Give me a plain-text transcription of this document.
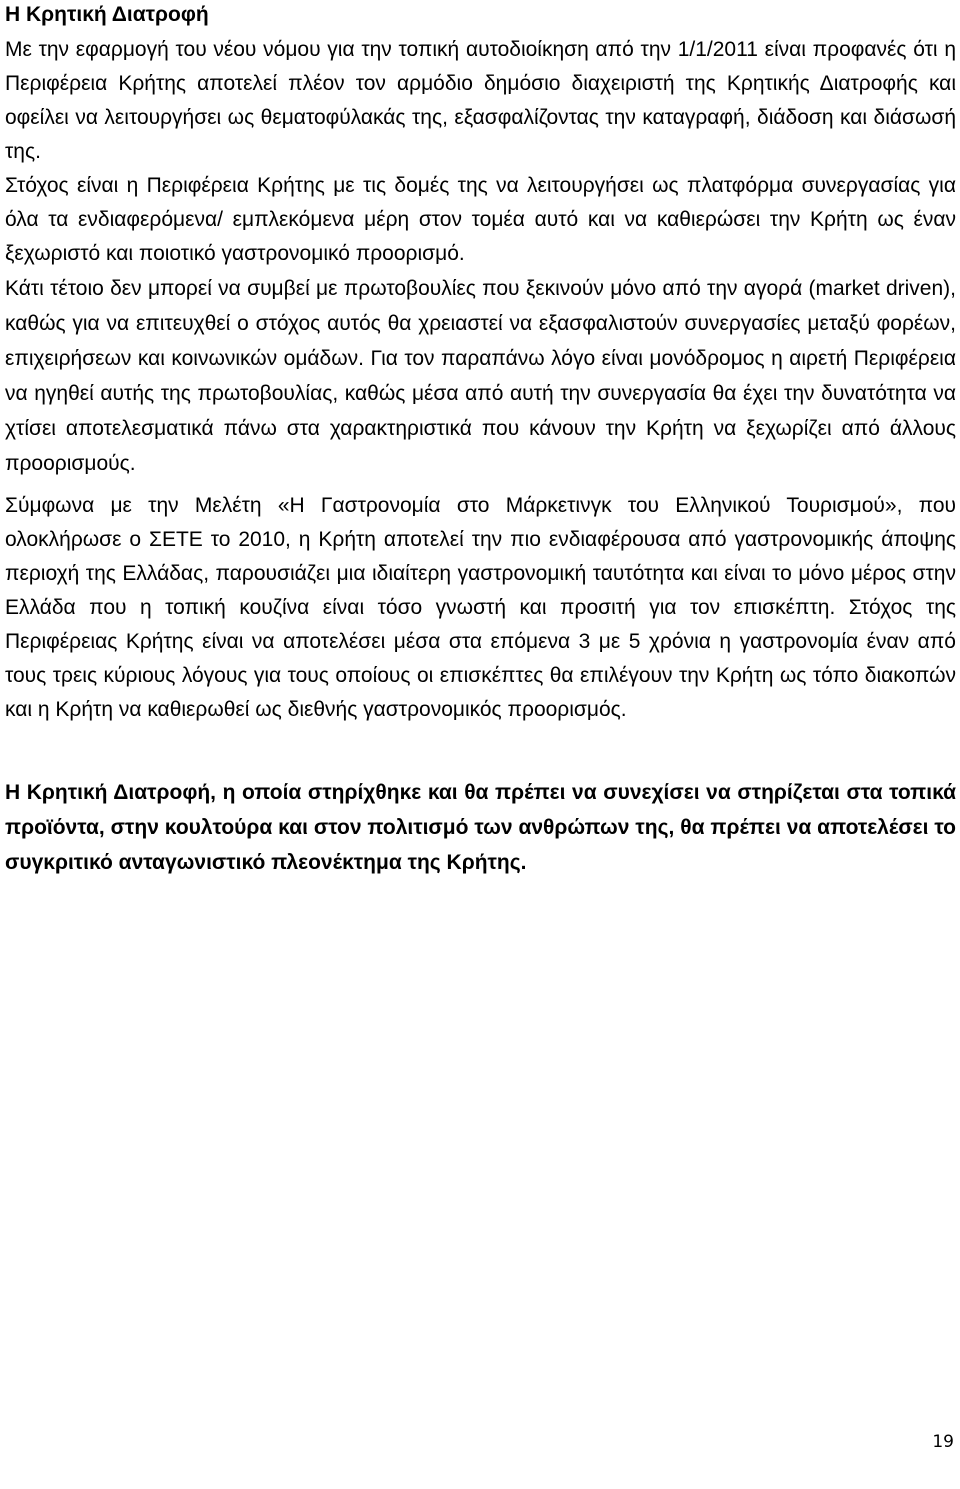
Η Κρητική Διατροφή

Με την εφαρμογή του νέου νόμου για την τοπική αυτοδιοίκηση από την 1/1/2011 είναι προφανές ότι η Περιφέρεια Κρήτης αποτελεί πλέον τον αρμόδιο δημόσιο διαχειριστή της Κρητικής Διατροφής και οφείλει να λειτουργήσει ως θεματοφύλακάς της, εξασφαλίζοντας την καταγραφή, διάδοση και διάσωσή της.

Στόχος είναι η Περιφέρεια Κρήτης με τις δομές της να λειτουργήσει ως πλατφόρμα συνεργασίας για όλα τα ενδιαφερόμενα/ εμπλεκόμενα μέρη στον τομέα αυτό και να καθιερώσει την Κρήτη ως έναν ξεχωριστό και ποιοτικό γαστρονομικό προορισμό.

Κάτι τέτοιο δεν μπορεί να συμβεί με πρωτοβουλίες που ξεκινούν μόνο από την αγορά (market driven), καθώς για να επιτευχθεί ο στόχος αυτός θα χρειαστεί να εξασφαλιστούν συνεργασίες μεταξύ φορέων, επιχειρήσεων και κοινωνικών ομάδων. Για τον παραπάνω λόγο είναι μονόδρομος η αιρετή Περιφέρεια να ηγηθεί αυτής της πρωτοβουλίας, καθώς μέσα από αυτή την συνεργασία θα έχει την δυνατότητα να χτίσει αποτελεσματικά πάνω στα χαρακτηριστικά που κάνουν την Κρήτη να ξεχωρίζει από άλλους προορισμούς.

Σύμφωνα με την Μελέτη «Η Γαστρονομία στο Μάρκετινγκ του Ελληνικού Τουρισμού», που ολοκλήρωσε ο ΣΕΤΕ το 2010, η Κρήτη αποτελεί την πιο ενδιαφέρουσα από γαστρονομικής άποψης περιοχή της Ελλάδας, παρουσιάζει μια ιδιαίτερη γαστρονομική ταυτότητα και είναι το μόνο μέρος στην Ελλάδα που η τοπική κουζίνα είναι τόσο γνωστή και προσιτή για τον επισκέπτη. Στόχος της Περιφέρειας Κρήτης είναι να αποτελέσει μέσα στα επόμενα 3 με 5 χρόνια η γαστρονομία έναν από τους τρεις κύριους λόγους για τους οποίους οι επισκέπτες θα επιλέγουν την Κρήτη ως τόπο διακοπών και η Κρήτη να καθιερωθεί ως διεθνής γαστρονομικός προορισμός.

Η Κρητική Διατροφή, η οποία στηρίχθηκε και θα πρέπει να συνεχίσει να στηρίζεται στα τοπικά προϊόντα, στην κουλτούρα και στον πολιτισμό των ανθρώπων της, θα πρέπει να αποτελέσει το συγκριτικό ανταγωνιστικό πλεονέκτημα της Κρήτης.

19
